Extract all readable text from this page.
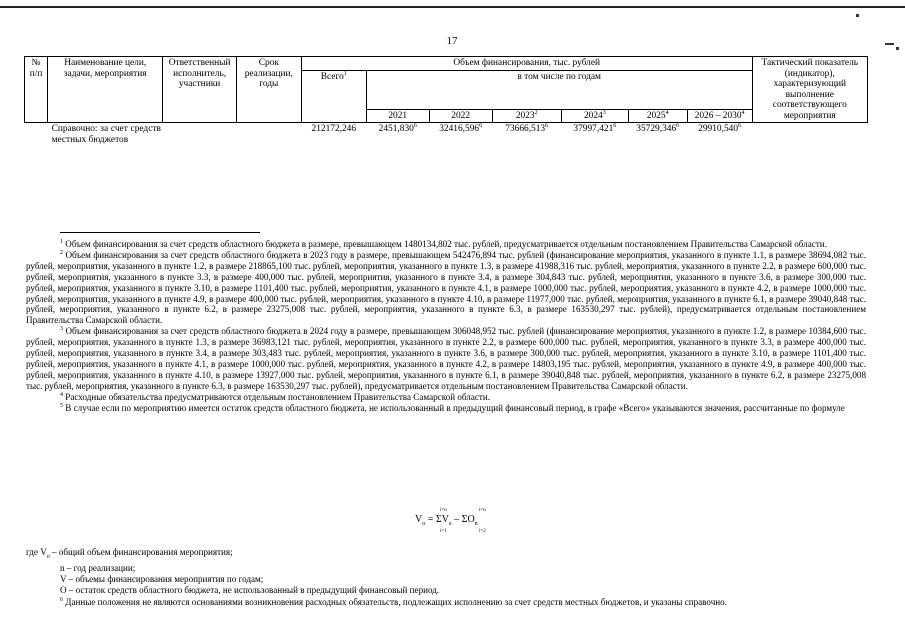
17
№ п/п	Наименование цели, задачи, мероприятия	Ответственный исполнитель, участники	Срок реализации, годы	Объем финансирования, тыс. рублей							Тактический показатель (индикатор), характеризующий выполнение соответствующего мероприятия
				Всего$^1$	в том числе по годам						
					2021	2022	2023$^2$	2024$^3$	2025$^4$	2026 – 2030$^4$
	Справочно: за счет средств местных бюджетов			212172,246	2451,830$^6$	32416,596$^6$	73666,513$^6$	37997,421$^6$	35729,346$^6$	29910,540$^6$	

$^1$ Объем финансирования за счет средств областного бюджета в размере, превышающем 1480134,802 тыс. рублей, предусматривается отдельным постановлением Правительства Самарской области.

$^2$ Объем финансирования за счет средств областного бюджета в 2023 году в размере, превышающем 542476,894 тыс. рублей (финансирование мероприятия, указанного в пункте 1.1, в размере 38694,082 тыс. рублей, мероприятия, указанного в пункте 1.2, в размере 218865,100 тыс. рублей, мероприятия, указанного в пункте 1.3, в размере 41988,316 тыс. рублей, мероприятия, указанного в пункте 2.2, в размере 600,000 тыс. рублей, мероприятия, указанного в пункте 3.3, в размере 400,000 тыс. рублей, мероприятия, указанного в пункте 3.4, в размере 304,843 тыс. рублей, мероприятия, указанного в пункте 3.6, в размере 300,000 тыс. рублей, мероприятия, указанного в пункте 3.10, в размере 1101,400 тыс. рублей, мероприятия, указанного в пункте 4.1, в размере 1000,000 тыс. рублей, мероприятия, указанного в пункте 4.2, в размере 1000,000 тыс. рублей, мероприятия, указанного в пункте 4.9, в размере 400,000 тыс. рублей, мероприятия, указанного в пункте 4.10, в размере 11977,000 тыс. рублей, мероприятия, указанного в пункте 6.1, в размере 39040,848 тыс. рублей, мероприятия, указанного в пункте 6.2, в размере 23275,008 тыс. рублей, мероприятия, указанного в пункте 6.3, в размере 163530,297 тыс. рублей), предусматривается отдельным постановлением Правительства Самарской области.

$^3$ Объем финансирования за счет средств областного бюджета в 2024 году в размере, превышающем 306048,952 тыс. рублей (финансирование мероприятия, указанного в пункте 1.2, в размере 10384,600 тыс. рублей, мероприятия, указанного в пункте 1.3, в размере 36983,121 тыс. рублей, мероприятия, указанного в пункте 2.2, в размере 600,000 тыс. рублей, мероприятия, указанного в пункте 3.3, в размере 400,000 тыс. рублей, мероприятия, указанного в пункте 3.4, в размере 303,483 тыс. рублей, мероприятия, указанного в пункте 3.6, в размере 300,000 тыс. рублей, мероприятия, указанного в пункте 3.10, в размере 1101,400 тыс. рублей, мероприятия, указанного в пункте 4.1, в размере 1000,000 тыс. рублей, мероприятия, указанного в пункте 4.2, в размере 14803,195 тыс. рублей, мероприятия, указанного в пункте 4.9, в размере 400,000 тыс. рублей, мероприятия, указанного в пункте 4.10, в размере 13927,000 тыс. рублей, мероприятия, указанного в пункте 6.1, в размере 39040,848 тыс. рублей, мероприятия, указанного в пункте 6.2, в размере 23275,008 тыс. рублей, мероприятия, указанного в пункте 6.3, в размере 163530,297 тыс. рублей), предусматривается отдельным постановлением Правительства Самарской области.

$^4$ Расходные обязательства предусматриваются отдельным постановлением Правительства Самарской области.

$^5$ В случае если по мероприятию имеется остаток средств областного бюджета, не использованный в предыдущий финансовый период, в графе «Всего» указываются значения, рассчитанные по формуле

$V_o = \Sigma V_e - \Sigma O_n$
i=n
i=1
i=n
i=2

где $V_o$ – общий объем финансирования мероприятия;

n – год реализации;

V – объемы финансирования мероприятия по годам;

O – остаток средств областного бюджета, не использованный в предыдущий финансовый период.

$^6$ Данные положения не являются основаниями возникновения расходных обязательств, подлежащих исполнению за счет средств местных бюджетов, и указаны справочно.
